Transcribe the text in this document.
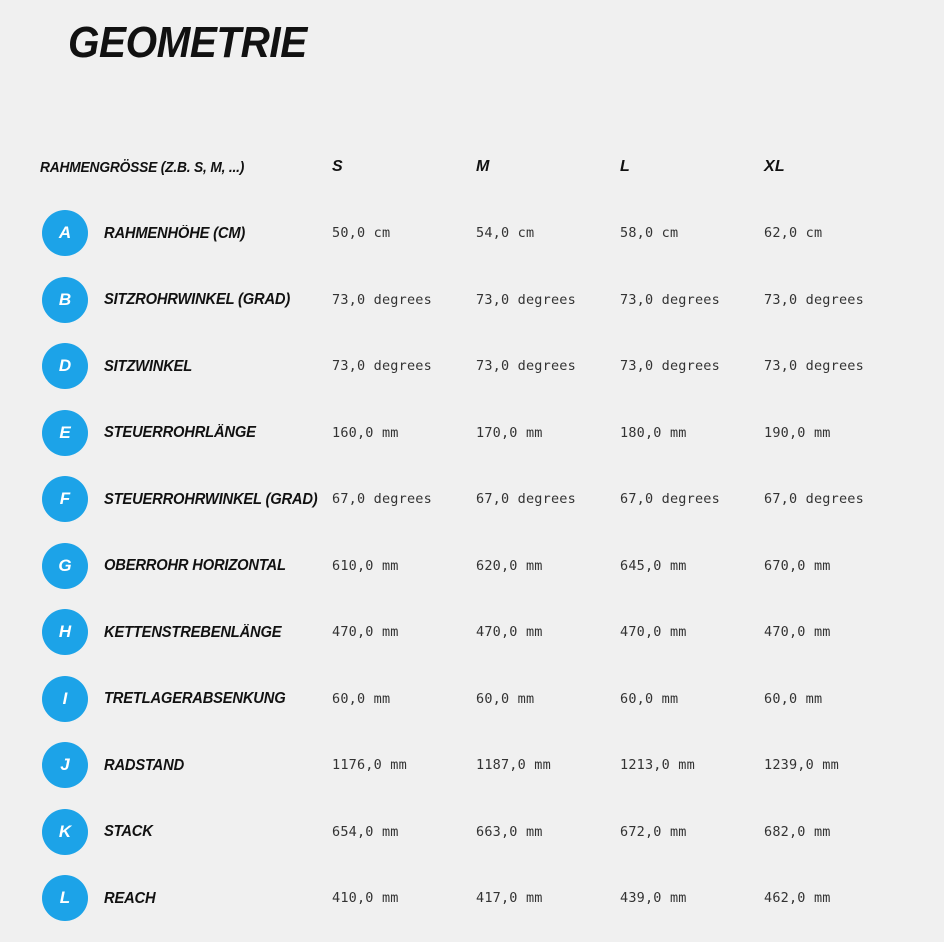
GEOMETRIE
RAHMENGRÖSSE (Z.B. S, M, ...)	S	M	L	XL
A	RAHMENHÖHE (CM)	50,0 cm	54,0 cm	58,0 cm	62,0 cm
B	SITZROHRWINKEL (GRAD)	73,0 degrees	73,0 degrees	73,0 degrees	73,0 degrees
D	SITZWINKEL	73,0 degrees	73,0 degrees	73,0 degrees	73,0 degrees
E	STEUERROHRLÄNGE	160,0 mm	170,0 mm	180,0 mm	190,0 mm
F	STEUERROHRWINKEL (GRAD) 67,0 degrees	67,0 degrees	67,0 degrees	67,0 degrees
G	OBERROHR HORIZONTAL	610,0 mm	620,0 mm	645,0 mm	670,0 mm
H	KETTENSTREBENLÄNGE	470,0 mm	470,0 mm	470,0 mm	470,0 mm
I	TRETLAGERABSENKUNG	60,0 mm	60,0 mm	60,0 mm	60,0 mm
J	RADSTAND	1176,0 mm	1187,0 mm	1213,0 mm	1239,0 mm
K	STACK	654,0 mm	663,0 mm	672,0 mm	682,0 mm
L	REACH	410,0 mm	417,0 mm	439,0 mm	462,0 mm
